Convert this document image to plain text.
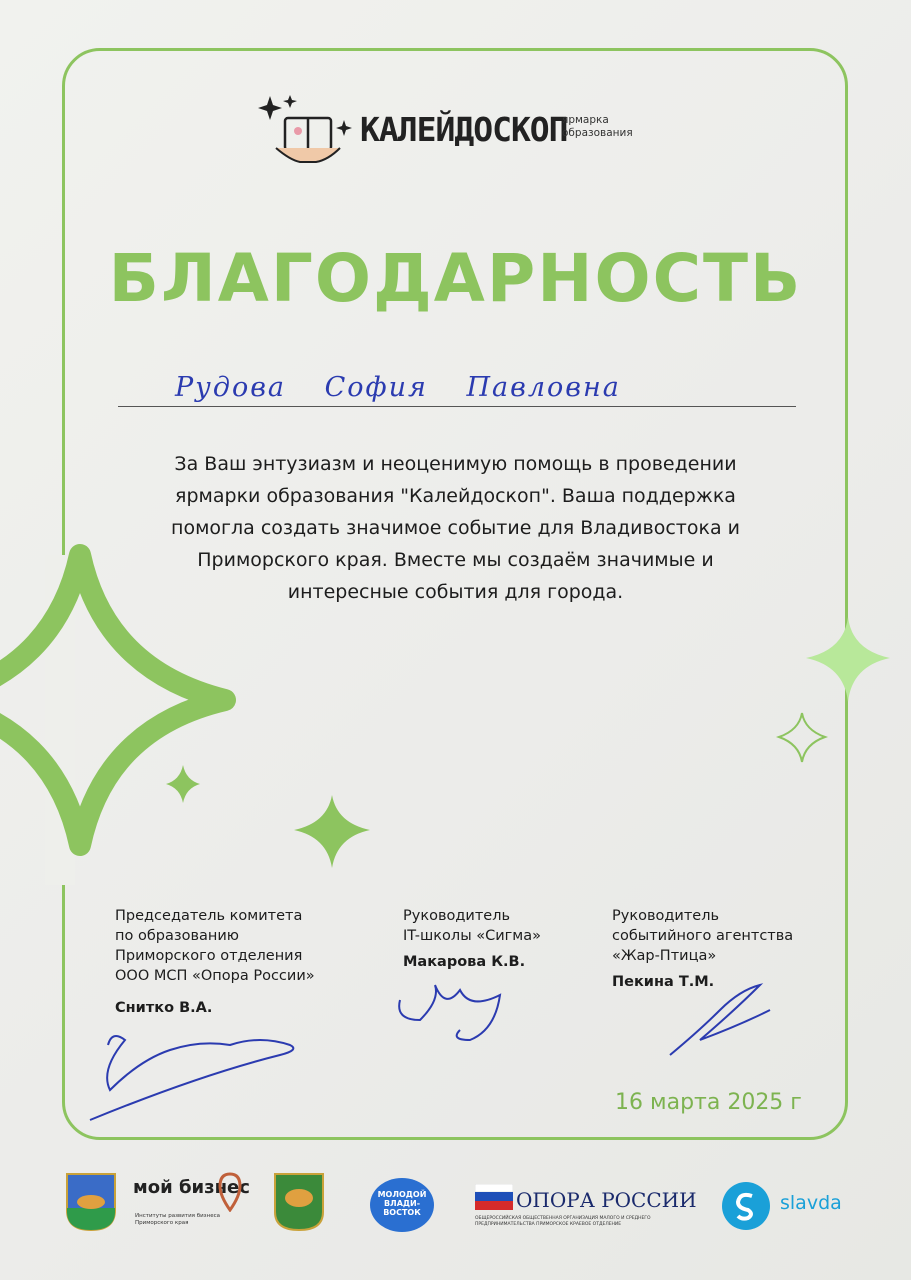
КАЛЕЙДОСКОП
ярмарка образования
БЛАГОДАРНОСТЬ
Рудова София Павловна
За Ваш энтузиазм и неоценимую помощь в проведении ярмарки образования "Калейдоскоп". Ваша поддержка помогла создать значимое событие для Владивостока и Приморского края. Вместе мы создаём значимые и интересные события для города.
Председатель комитета
по образованию
Приморского отделения
ООО МСП «Опора России»
Снитко В.А.
Руководитель
IT-школы «Сигма»
Макарова К.В.
Руководитель
событийного агентства
«Жар-Птица»
Пекина Т.М.
16 марта 2025 г
мой бизнес
Институты развития бизнеса Приморского края
МОЛОДОЙ ВЛАДИ-ВОСТОК
ОПОРА РОССИИ
ОБЩЕРОССИЙСКАЯ ОБЩЕСТВЕННАЯ ОРГАНИЗАЦИЯ МАЛОГО И СРЕДНЕГО ПРЕДПРИНИМАТЕЛЬСТВА ПРИМОРСКОЕ КРАЕВОЕ ОТДЕЛЕНИЕ
slavda
